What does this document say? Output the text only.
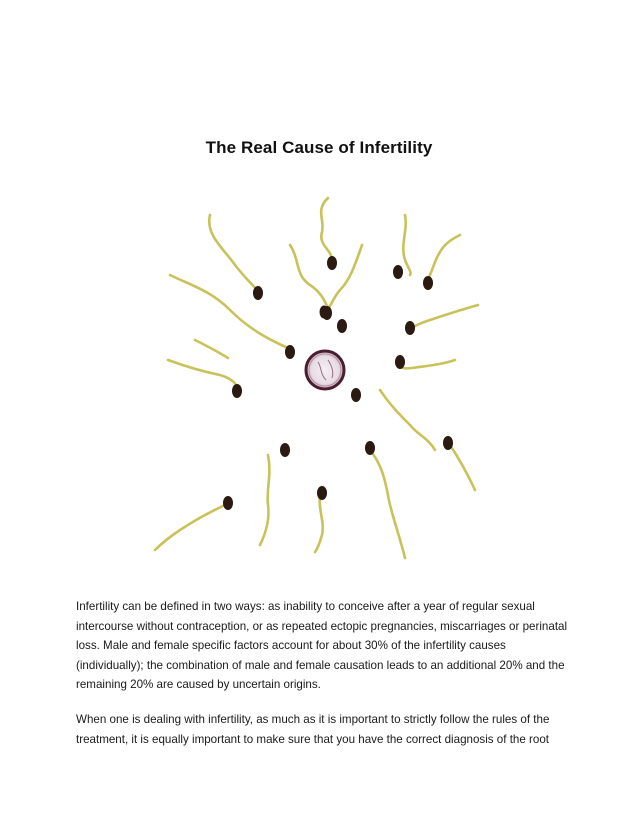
The Real Cause of Infertility

Infertility can be defined in two ways: as inability to conceive after a year of regular sexual intercourse without contraception, or as repeated ectopic pregnancies, miscarriages or perinatal loss. Male and female specific factors account for about 30% of the infertility causes (individually); the combination of male and female causation leads to an additional 20% and the remaining 20% are caused by uncertain origins.

When one is dealing with infertility, as much as it is important to strictly follow the rules of the treatment, it is equally important to make sure that you have the correct diagnosis of the root
